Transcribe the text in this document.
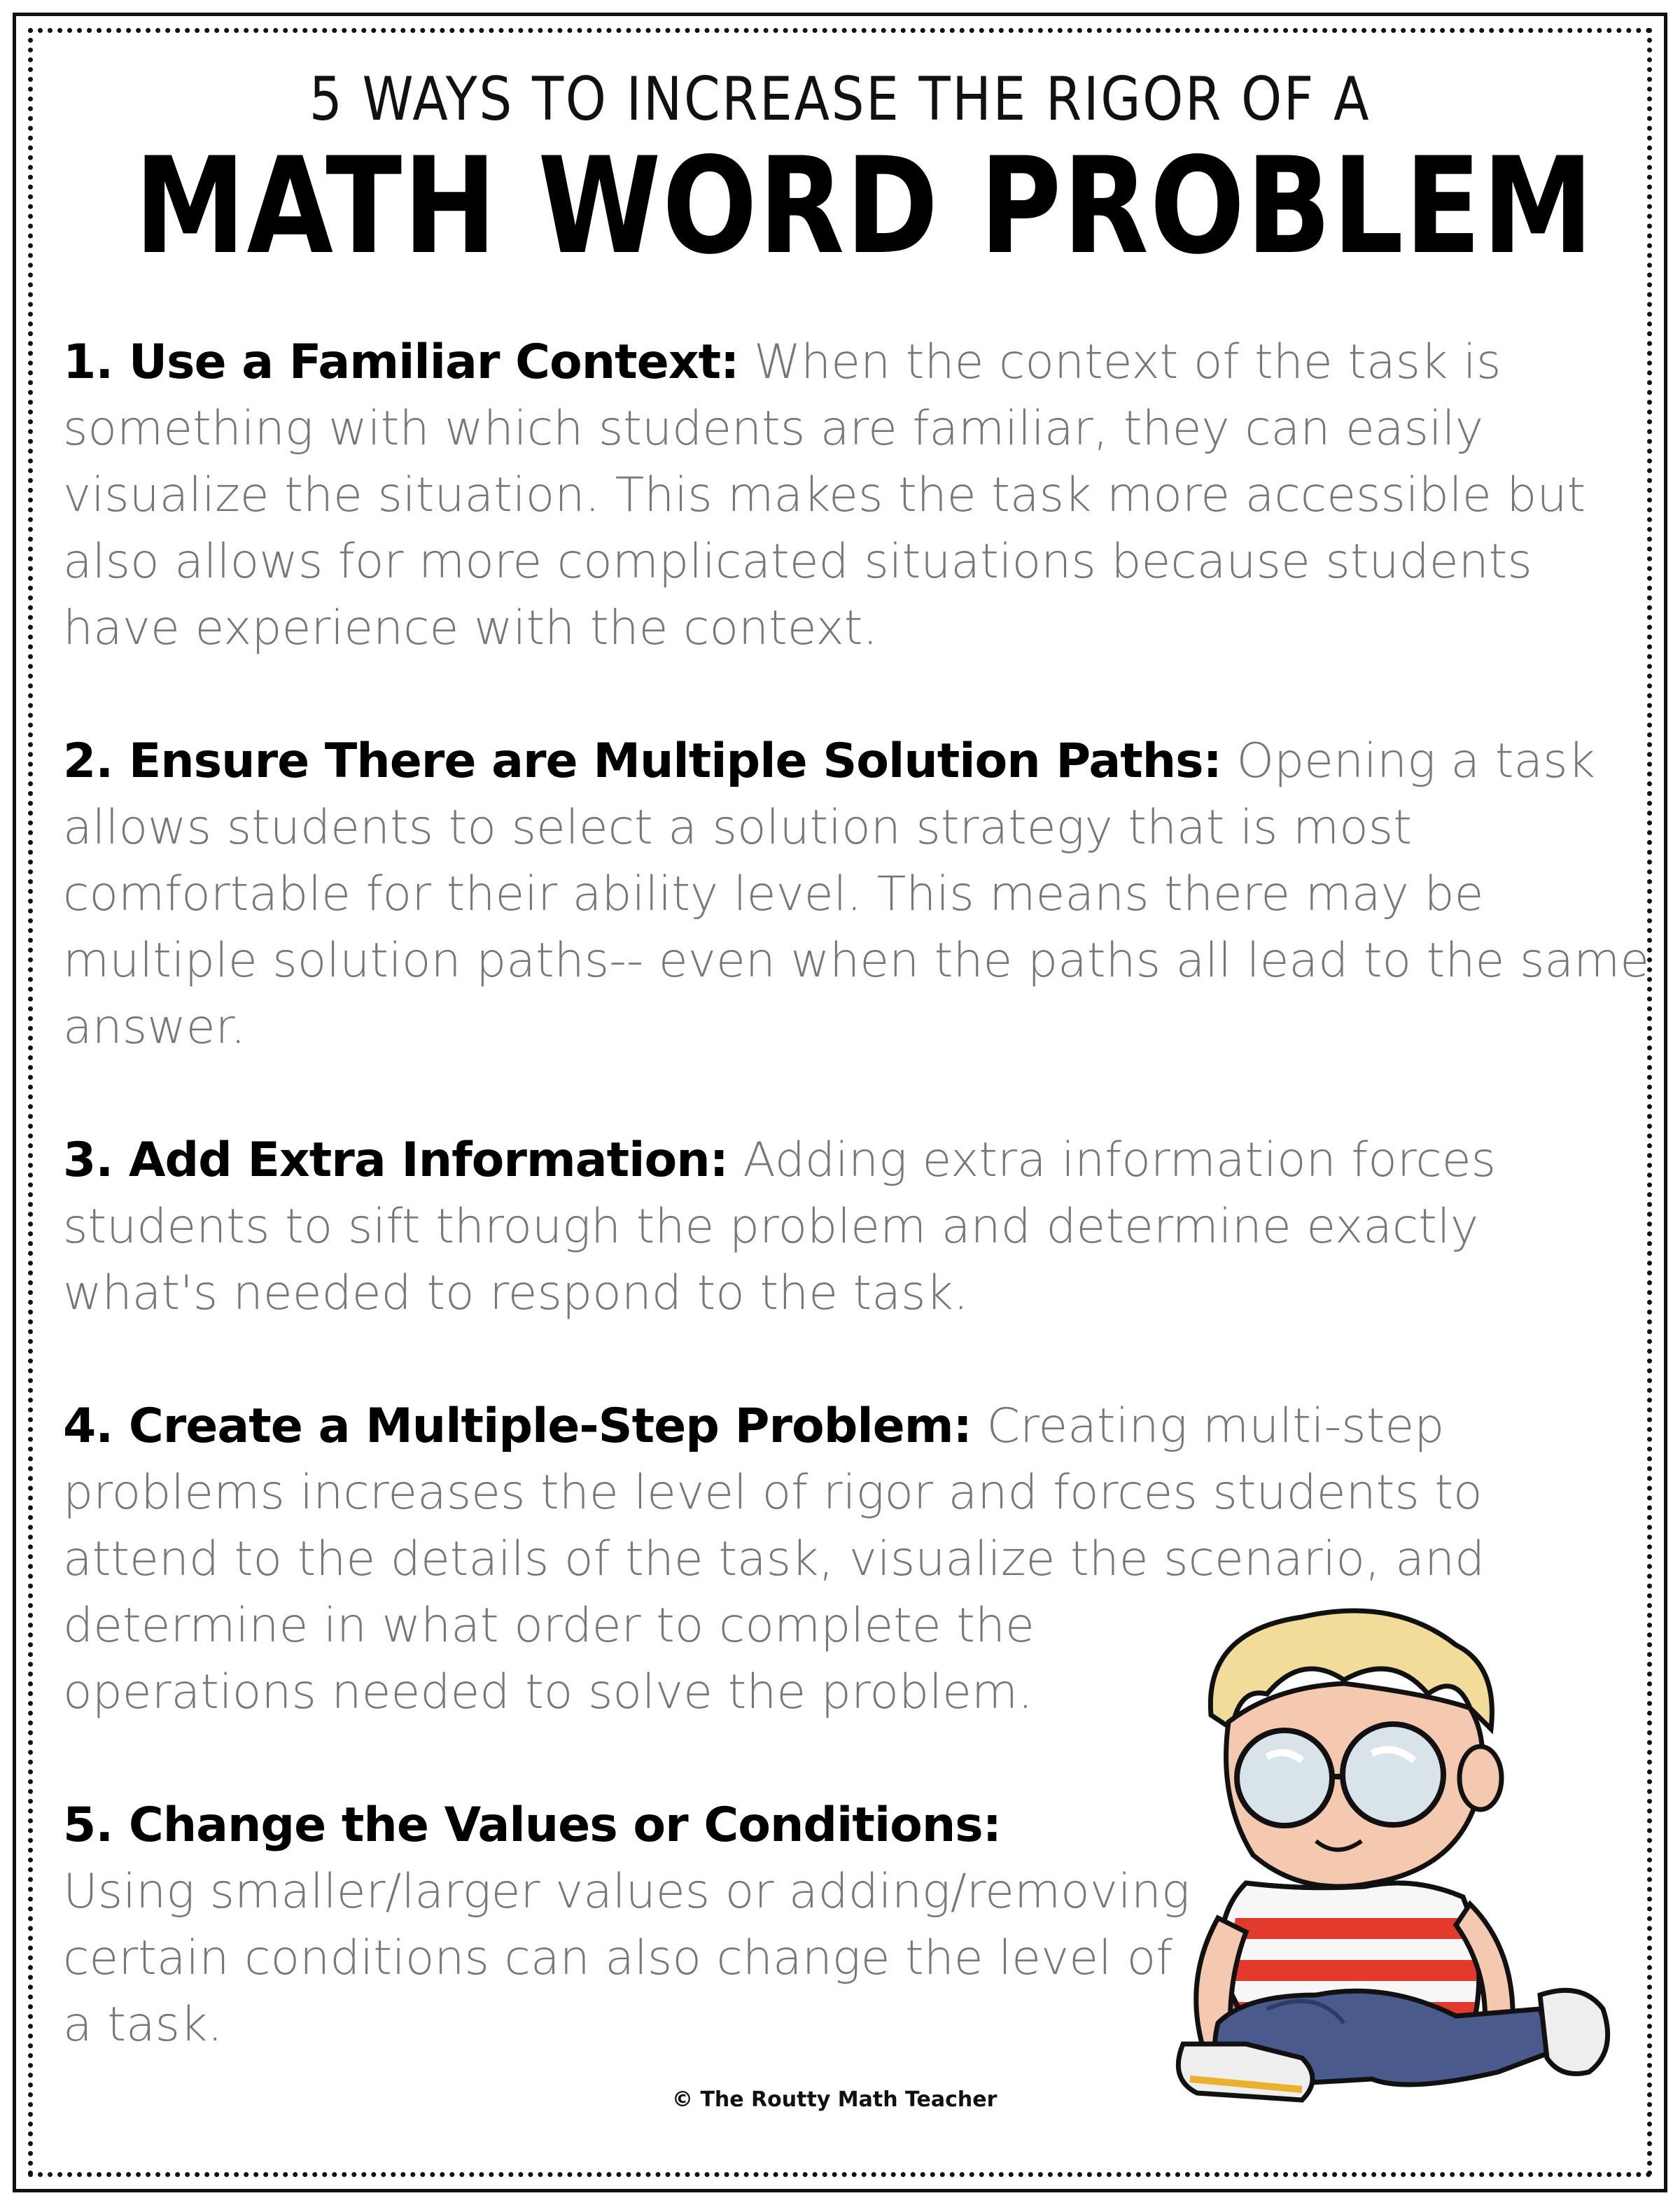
5 WAYS TO INCREASE THE RIGOR OF A
MATH WORD PROBLEM
1. Use a Familiar Context: When the context of the task is
something with which students are familiar, they can easily
visualize the situation. This makes the task more accessible but
also allows for more complicated situations because students
have experience with the context.
2. Ensure There are Multiple Solution Paths: Opening a task
allows students to select a solution strategy that is most
comfortable for their ability level. This means there may be
multiple solution paths-- even when the paths all lead to the same
answer.
3. Add Extra Information: Adding extra information forces
students to sift through the problem and determine exactly
what's needed to respond to the task.
4. Create a Multiple-Step Problem: Creating multi-step
problems increases the level of rigor and forces students to
attend to the details of the task, visualize the scenario, and
determine in what order to complete the
operations needed to solve the problem.
5. Change the Values or Conditions:
Using smaller/larger values or adding/removing
certain conditions can also change the level of
a task.
© The Routty Math Teacher
